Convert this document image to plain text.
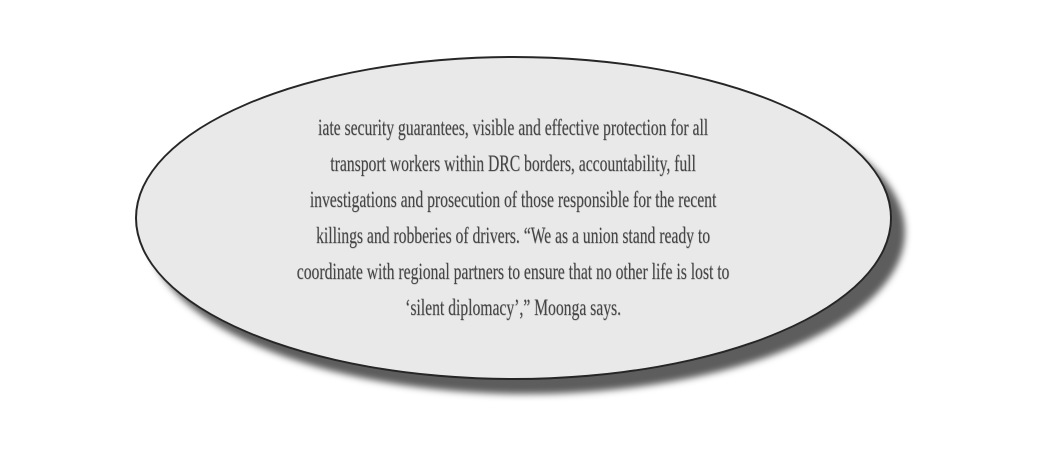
iate security guarantees, visible and effective protection for all
transport workers within DRC borders, accountability, full
investigations and prosecution of those responsible for the recent
killings and robberies of drivers. “We as a union stand ready to
coordinate with regional partners to ensure that no other life is lost to
‘silent diplomacy’,” Moonga says.
